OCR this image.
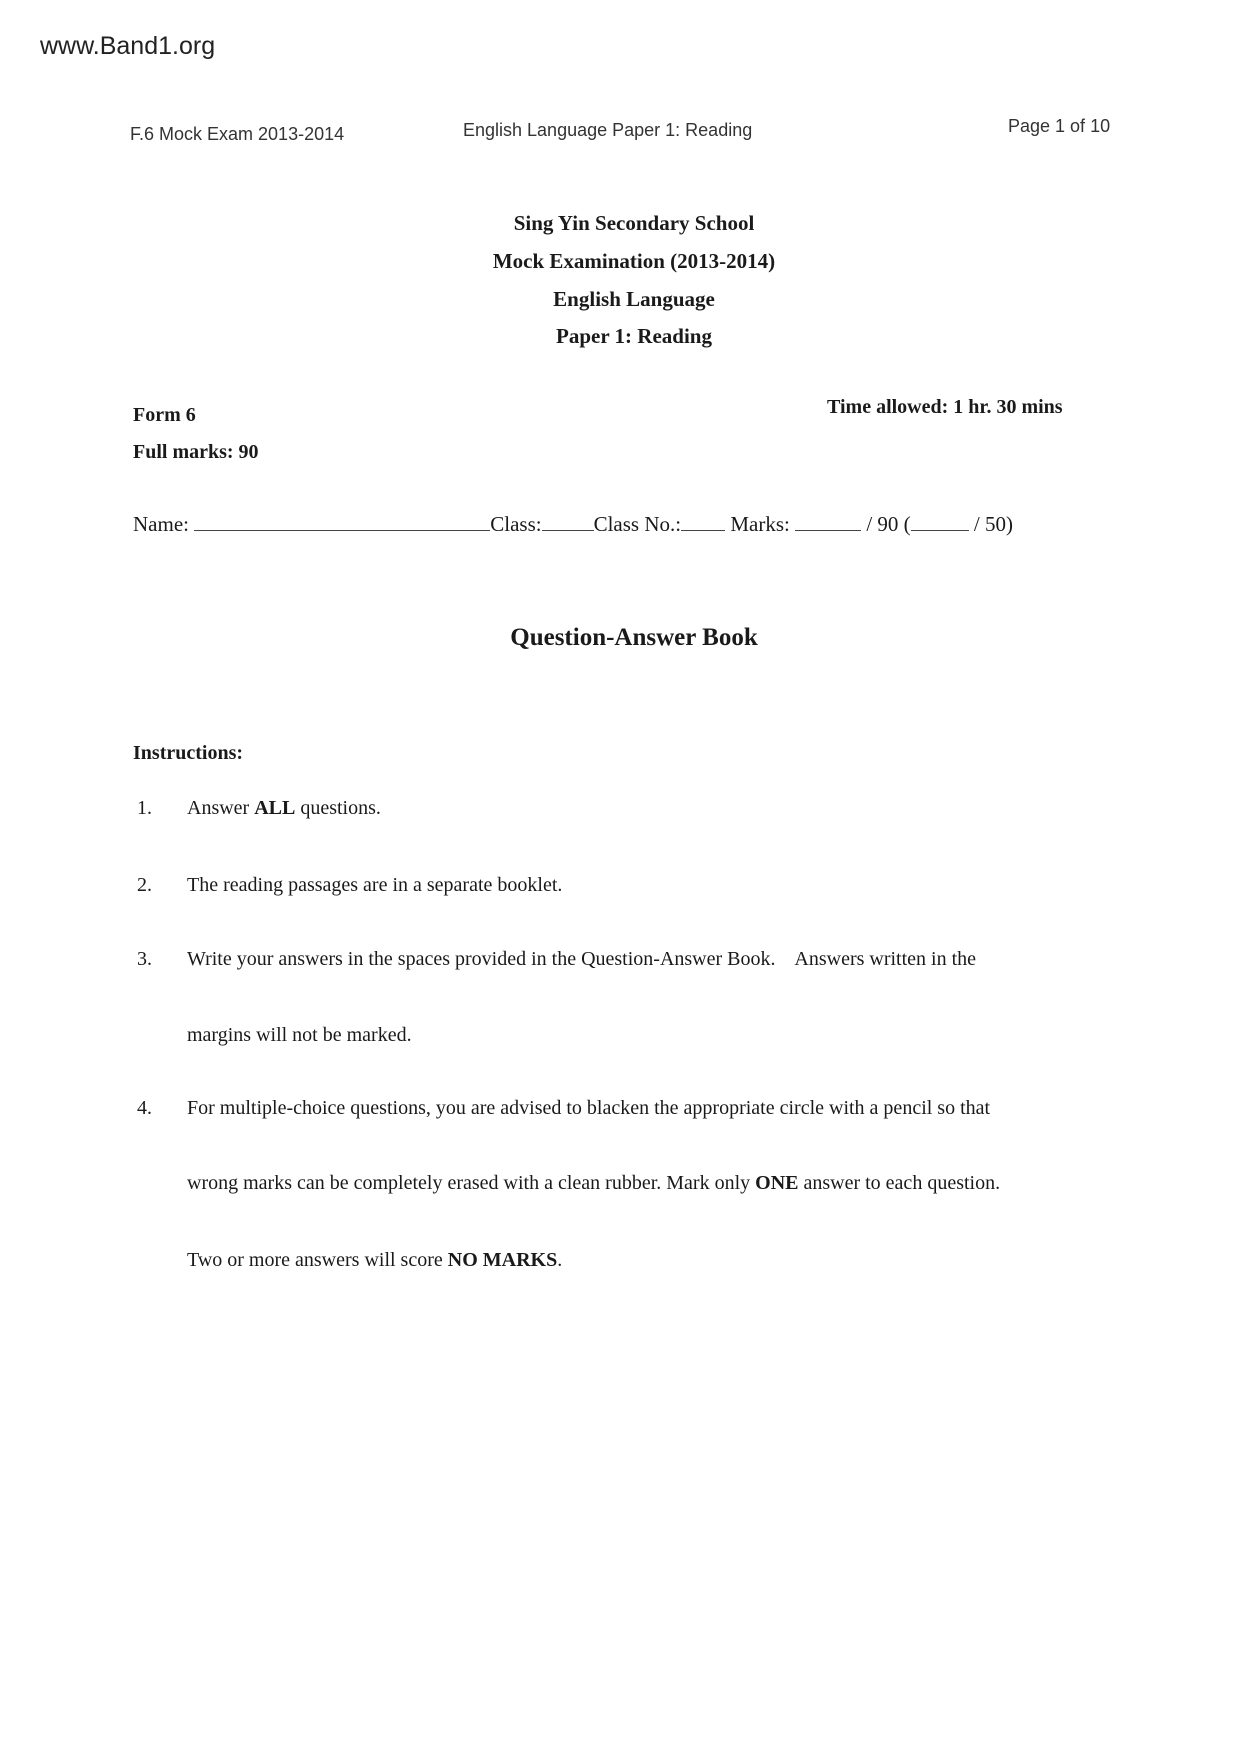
www.Band1.org
F.6 Mock Exam 2013-2014	English Language Paper 1: Reading	Page 1 of 10
Sing Yin Secondary School
Mock Examination (2013-2014)
English Language
Paper 1: Reading
Form 6
Full marks: 90
Time allowed: 1 hr. 30 mins
Name:	Class: Class No.: Marks:	/ 90 (	/ 50)
Question-Answer Book
Instructions:
1. Answer ALL questions.
2. The reading passages are in a separate booklet.
3. Write your answers in the spaces provided in the Question-Answer Book.    Answers written in the
margins will not be marked.
4. For multiple-choice questions, you are advised to blacken the appropriate circle with a pencil so that
wrong marks can be completely erased with a clean rubber. Mark only ONE answer to each question.
Two or more answers will score NO MARKS.
